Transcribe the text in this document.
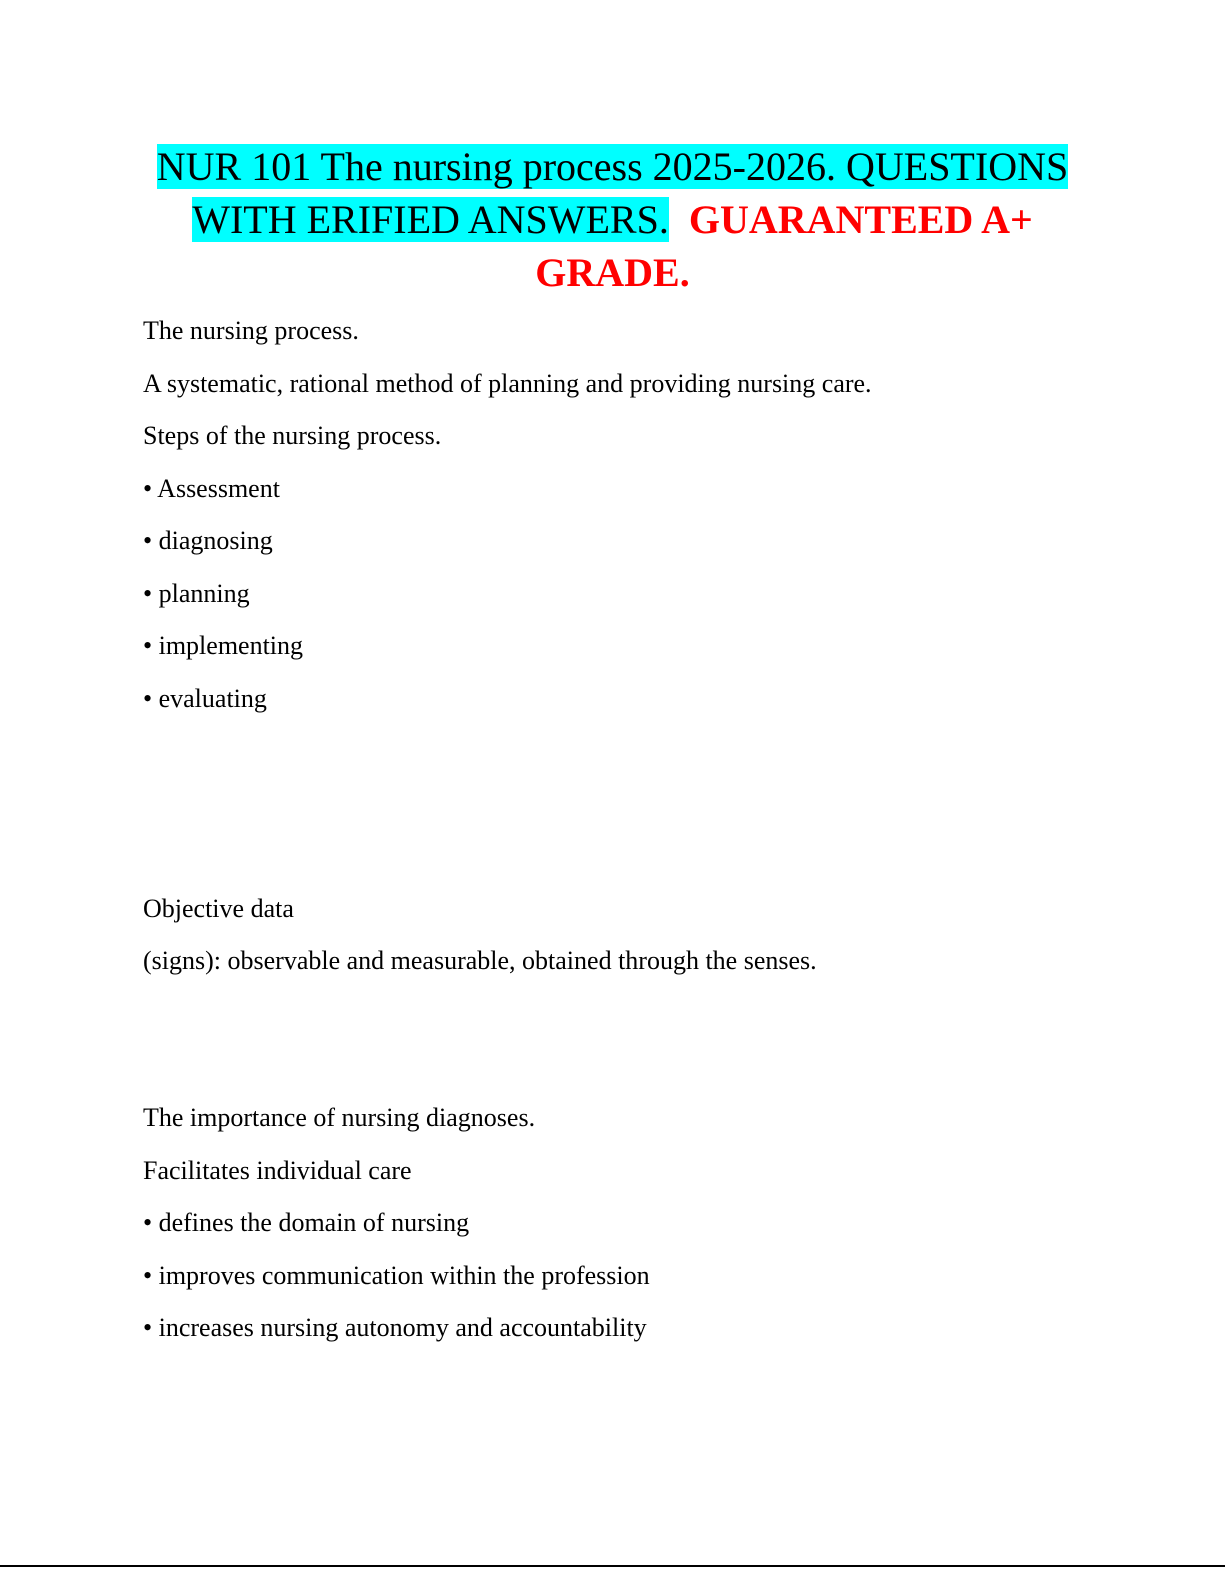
NUR 101 The nursing process 2025-2026. QUESTIONS
WITH ERIFIED ANSWERS. GUARANTEED A+ GRADE.
The nursing process.
A systematic, rational method of planning and providing nursing care.
Steps of the nursing process.
• Assessment
• diagnosing
• planning
• implementing
• evaluating
Objective data
(signs): observable and measurable, obtained through the senses.
The importance of nursing diagnoses.
Facilitates individual care
• defines the domain of nursing
• improves communication within the profession
• increases nursing autonomy and accountability
